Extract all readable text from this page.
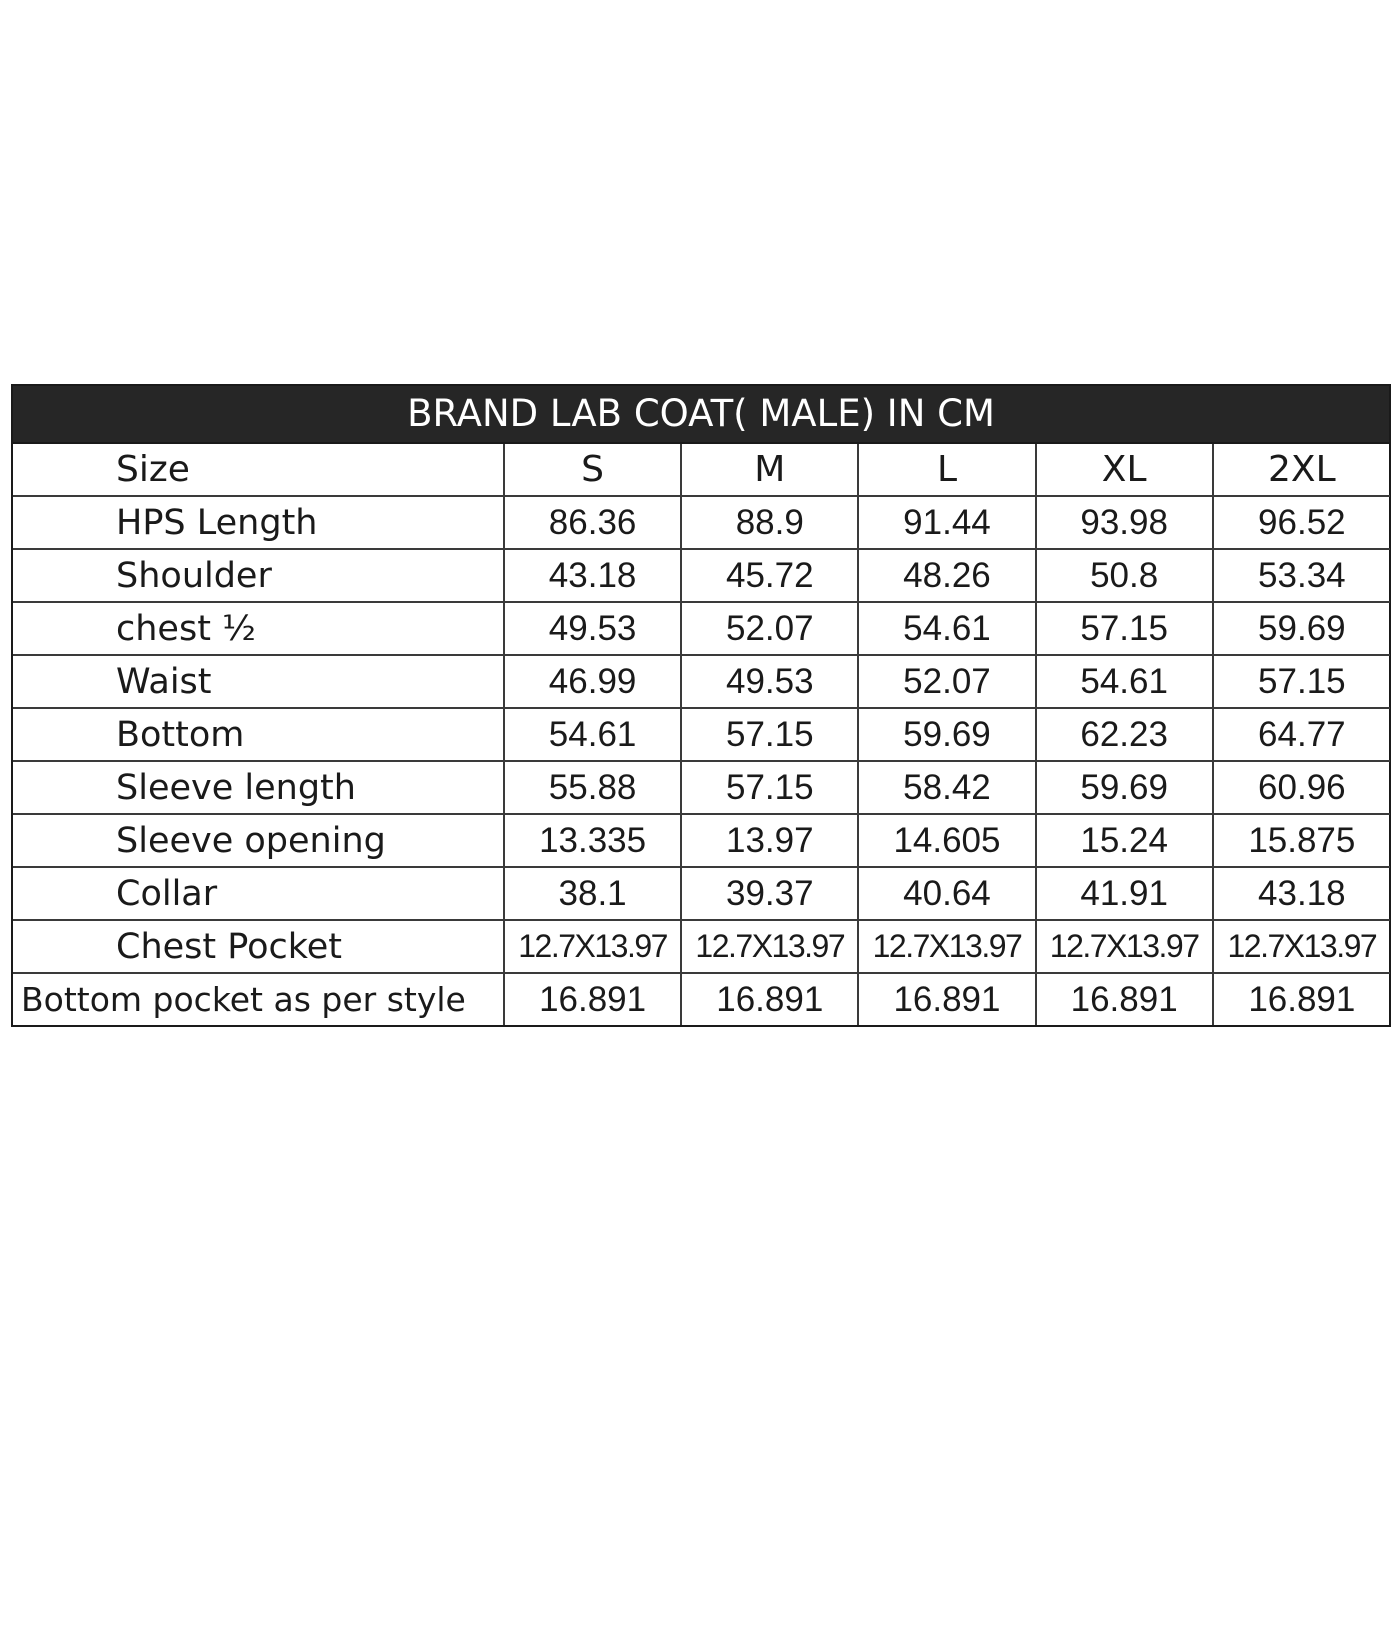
BRAND LAB COAT( MALE) IN CM
Size	S	M	L	XL	2XL
HPS Length	86.36	88.9	91.44	93.98	96.52
Shoulder	43.18	45.72	48.26	50.8	53.34
chest ½	49.53	52.07	54.61	57.15	59.69
Waist	46.99	49.53	52.07	54.61	57.15
Bottom	54.61	57.15	59.69	62.23	64.77
Sleeve length	55.88	57.15	58.42	59.69	60.96
Sleeve opening	13.335	13.97	14.605	15.24	15.875
Collar	38.1	39.37	40.64	41.91	43.18
Chest Pocket	12.7X13.97	12.7X13.97	12.7X13.97	12.7X13.97	12.7X13.97
Bottom pocket as per style	16.891	16.891	16.891	16.891	16.891
